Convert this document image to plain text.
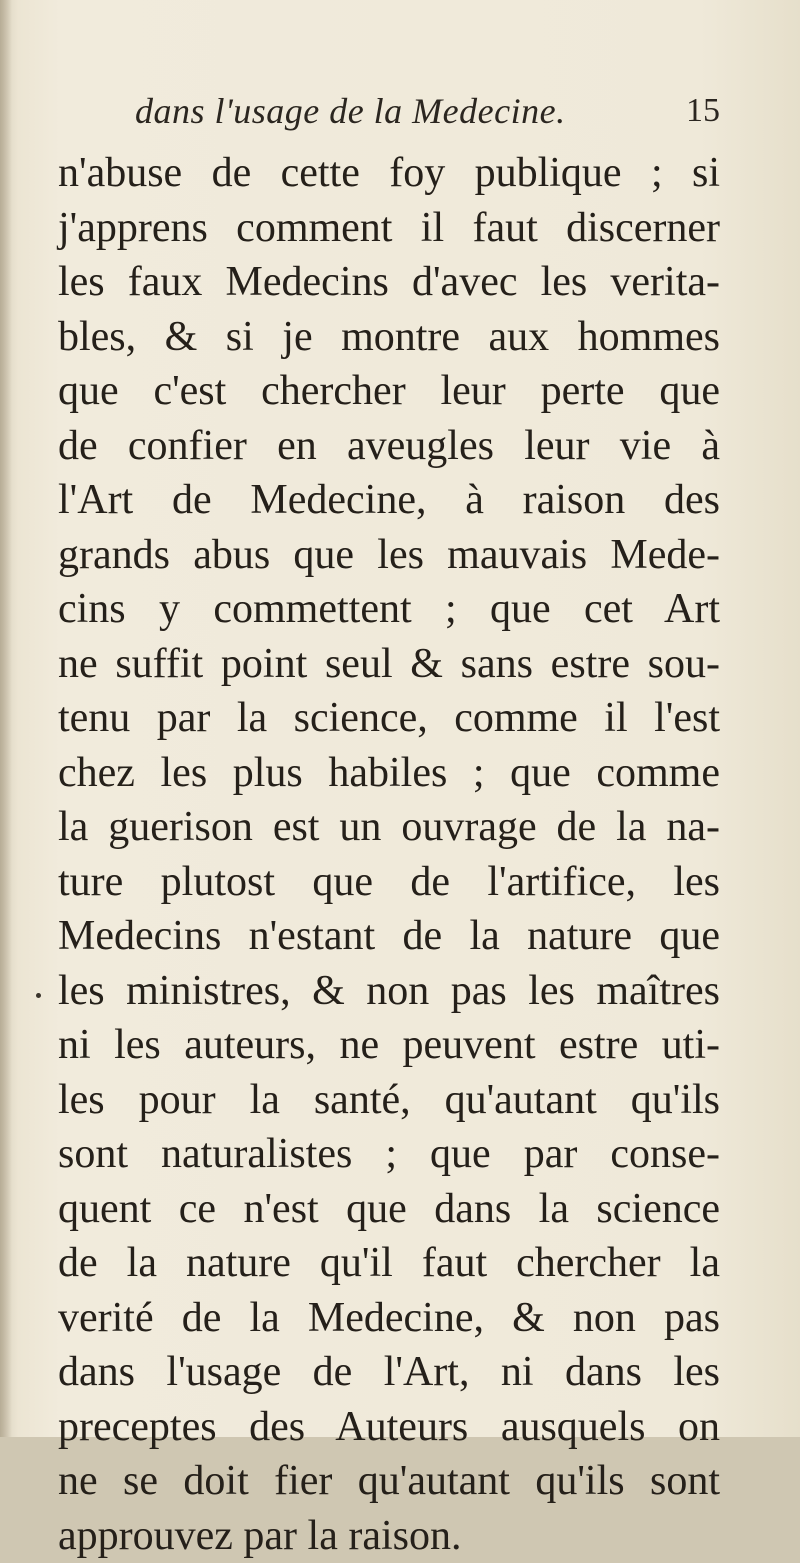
dans l'usage de la Medecine.	15
n'abuse de cette foy publique ; si
j'apprens comment il faut discerner
les faux Medecins d'avec les verita-
bles, & si je montre aux hommes
que c'est chercher leur perte que
de confier en aveugles leur vie à
l'Art de Medecine, à raison des
grands abus que les mauvais Mede-
cins y commettent ; que cet Art
ne suffit point seul & sans estre sou-
tenu par la science, comme il l'est
chez les plus habiles ; que comme
la guerison est un ouvrage de la na-
ture plutost que de l'artifice, les
Medecins n'estant de la nature que
les ministres, & non pas les maîtres
ni les auteurs, ne peuvent estre uti-
les pour la santé, qu'autant qu'ils
sont naturalistes ; que par conse-
quent ce n'est que dans la science
de la nature qu'il faut chercher la
verité de la Medecine, & non pas
dans l'usage de l'Art, ni dans les
preceptes des Auteurs ausquels on
ne se doit fier qu'autant qu'ils sont
approuvez par la raison.
